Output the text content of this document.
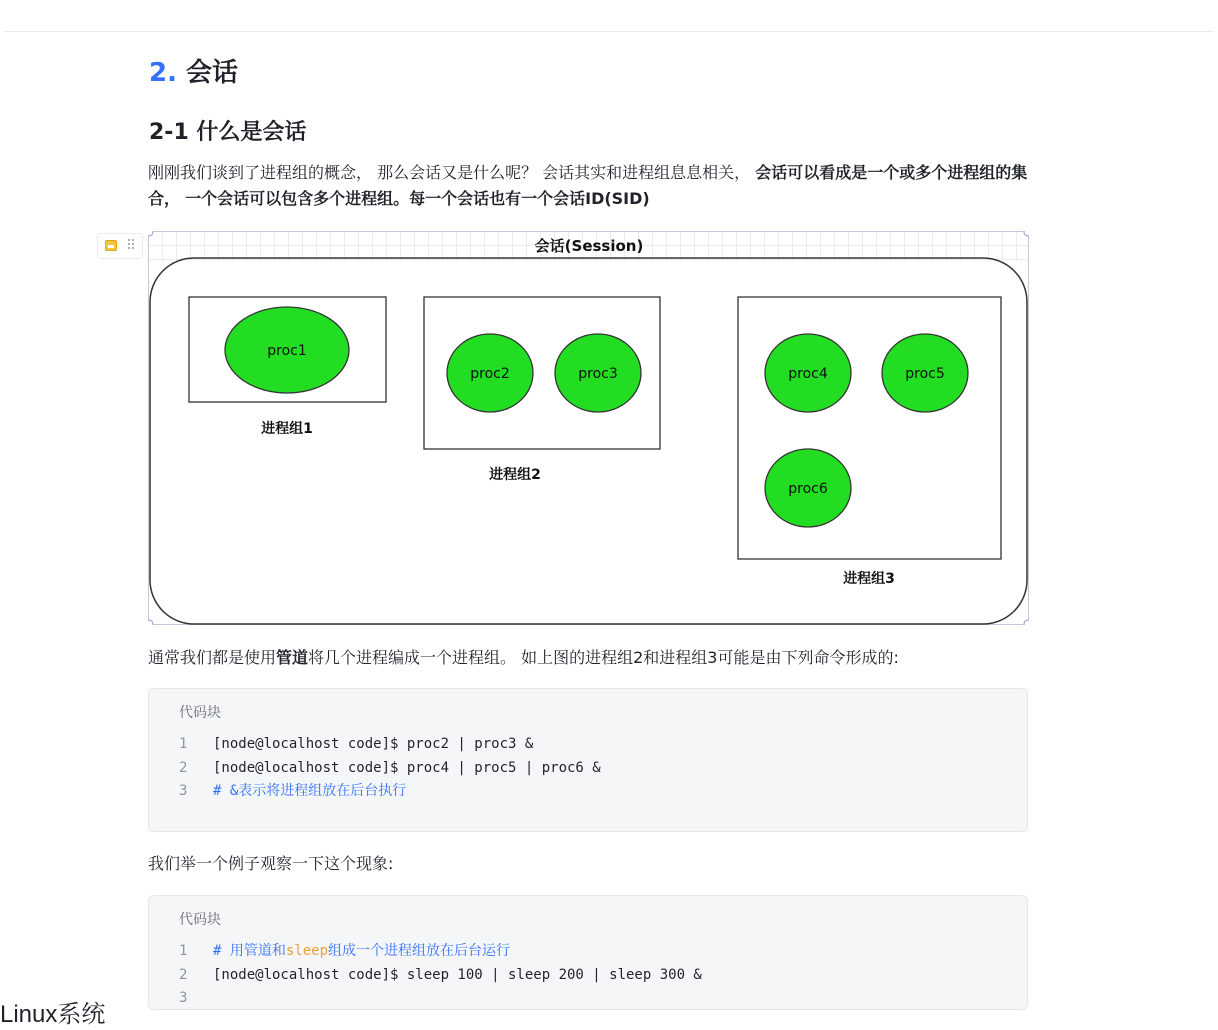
2. 会话
2-1 什么是会话

刚刚我们谈到了进程组的概念， 那么会话又是什么呢？ 会话其实和进程组息息相关， 会话可以看成是一个或多个进程组的集合， 一个会话可以包含多个进程组。每一个会话也有一个会话ID(SID)

⠿	会话(Session)
proc1
进程组1
proc2	proc3
进程组2
proc4	proc5
proc6
进程组3

通常我们都是使用管道将几个进程编成一个进程组。 如上图的进程组2和进程组3可能是由下列命令形成的:

代码块
1 [node@localhost code]$ proc2 | proc3 &
2 [node@localhost code]$ proc4 | proc5 | proc6 &
3 # &表示将进程组放在后台执行

我们举一个例子观察一下这个现象:

代码块
1 # 用管道和sleep组成一个进程组放在后台运行
2 [node@localhost code]$ sleep 100 | sleep 200 | sleep 300 &
3
Linux系统
